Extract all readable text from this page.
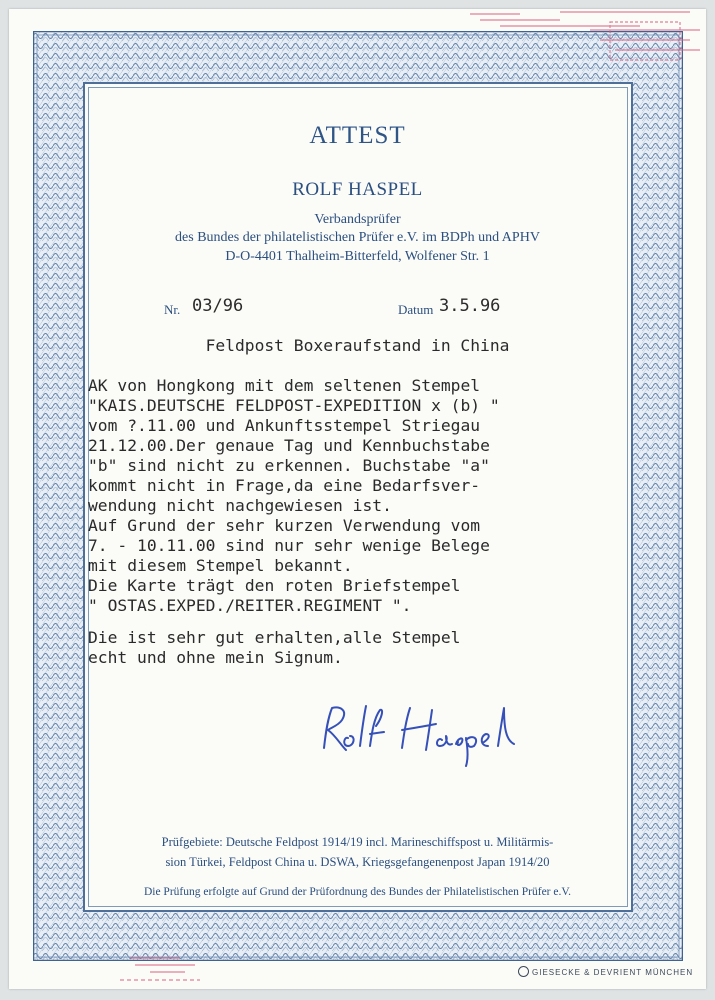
ATTEST
ROLF HASPEL
Verbandsprüfer
des Bundes der philatelistischen Prüfer e.V. im BDPh und APHV
D-O-4401 Thalheim-Bitterfeld, Wolfener Str. 1
Nr. 03/96	Datum 3.5.96
Feldpost Boxeraufstand in China
AK von Hongkong mit dem seltenen Stempel
"KAIS.DEUTSCHE FELDPOST-EXPEDITION x (b) "
vom ?.11.00 und Ankunftsstempel Striegau
21.12.00.Der genaue Tag und Kennbuchstabe
"b" sind nicht zu erkennen. Buchstabe "a"
kommt nicht in Frage,da eine Bedarfsver-
wendung nicht nachgewiesen ist.
Auf Grund der sehr kurzen Verwendung vom
7. - 10.11.00 sind nur sehr wenige Belege
mit diesem Stempel bekannt.
Die Karte trägt den roten Briefstempel
" OSTAS.EXPED./REITER.REGIMENT ".
Die ist sehr gut erhalten,alle Stempel
echt und ohne mein Signum.
Prüfgebiete: Deutsche Feldpost 1914/19 incl. Marineschiffspost u. Militärmis-
sion Türkei, Feldpost China u. DSWA, Kriegsgefangenenpost Japan 1914/20
Die Prüfung erfolgte auf Grund der Prüfordnung des Bundes der Philatelistischen Prüfer e.V.
GIESECKE & DEVRIENT MÜNCHEN
